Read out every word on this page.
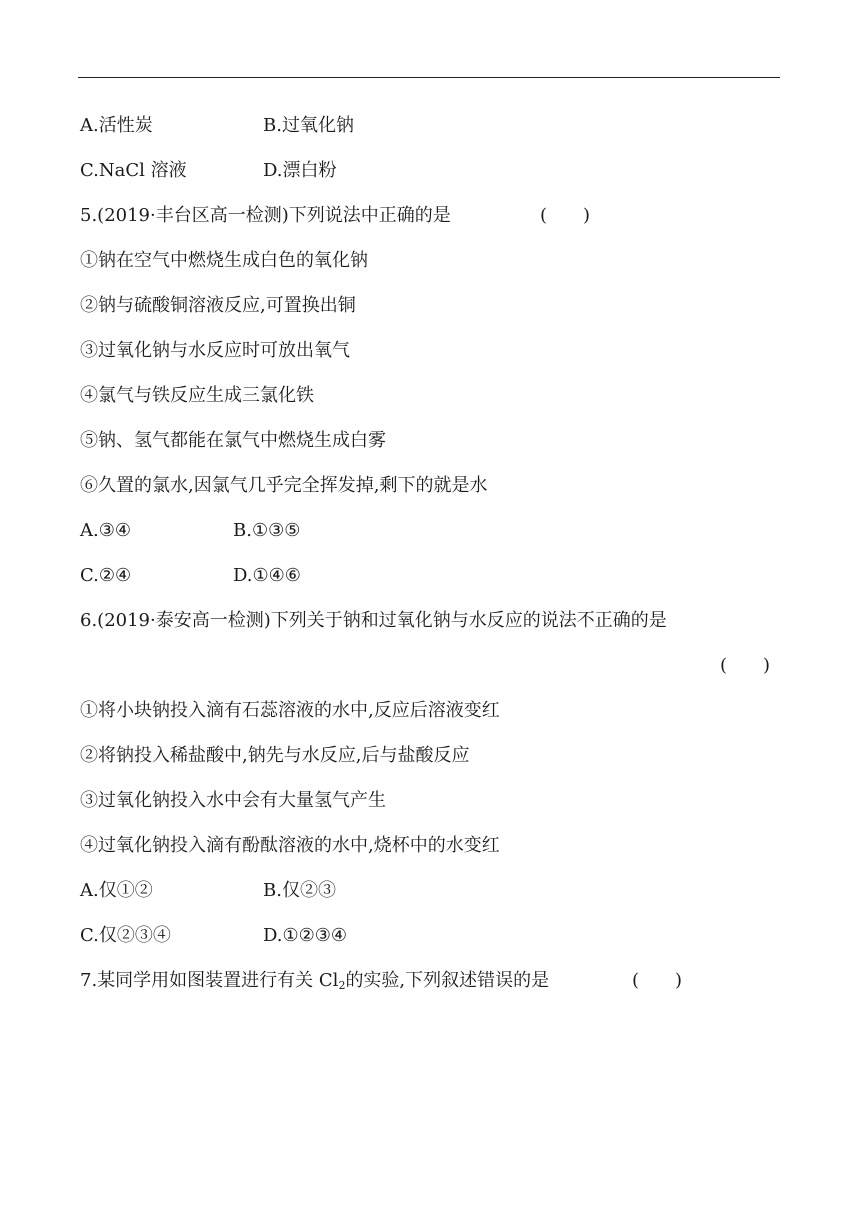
A.活性炭	B.过氧化钠
C.NaCl 溶液	D.漂白粉
5.(2019·丰台区高一检测)下列说法中正确的是	(　　)
①钠在空气中燃烧生成白色的氧化钠
②钠与硫酸铜溶液反应,可置换出铜
③过氧化钠与水反应时可放出氧气
④氯气与铁反应生成三氯化铁
⑤钠、氢气都能在氯气中燃烧生成白雾
⑥久置的氯水,因氯气几乎完全挥发掉,剩下的就是水
A.③④	B.①③⑤
C.②④	D.①④⑥
6.(2019·泰安高一检测)下列关于钠和过氧化钠与水反应的说法不正确的是
(　　)
①将小块钠投入滴有石蕊溶液的水中,反应后溶液变红
②将钠投入稀盐酸中,钠先与水反应,后与盐酸反应
③过氧化钠投入水中会有大量氢气产生
④过氧化钠投入滴有酚酞溶液的水中,烧杯中的水变红
A.仅①②	B.仅②③
C.仅②③④	D.①②③④
7.某同学用如图装置进行有关 $Cl_2$的实验,下列叙述错误的是	(　　)
